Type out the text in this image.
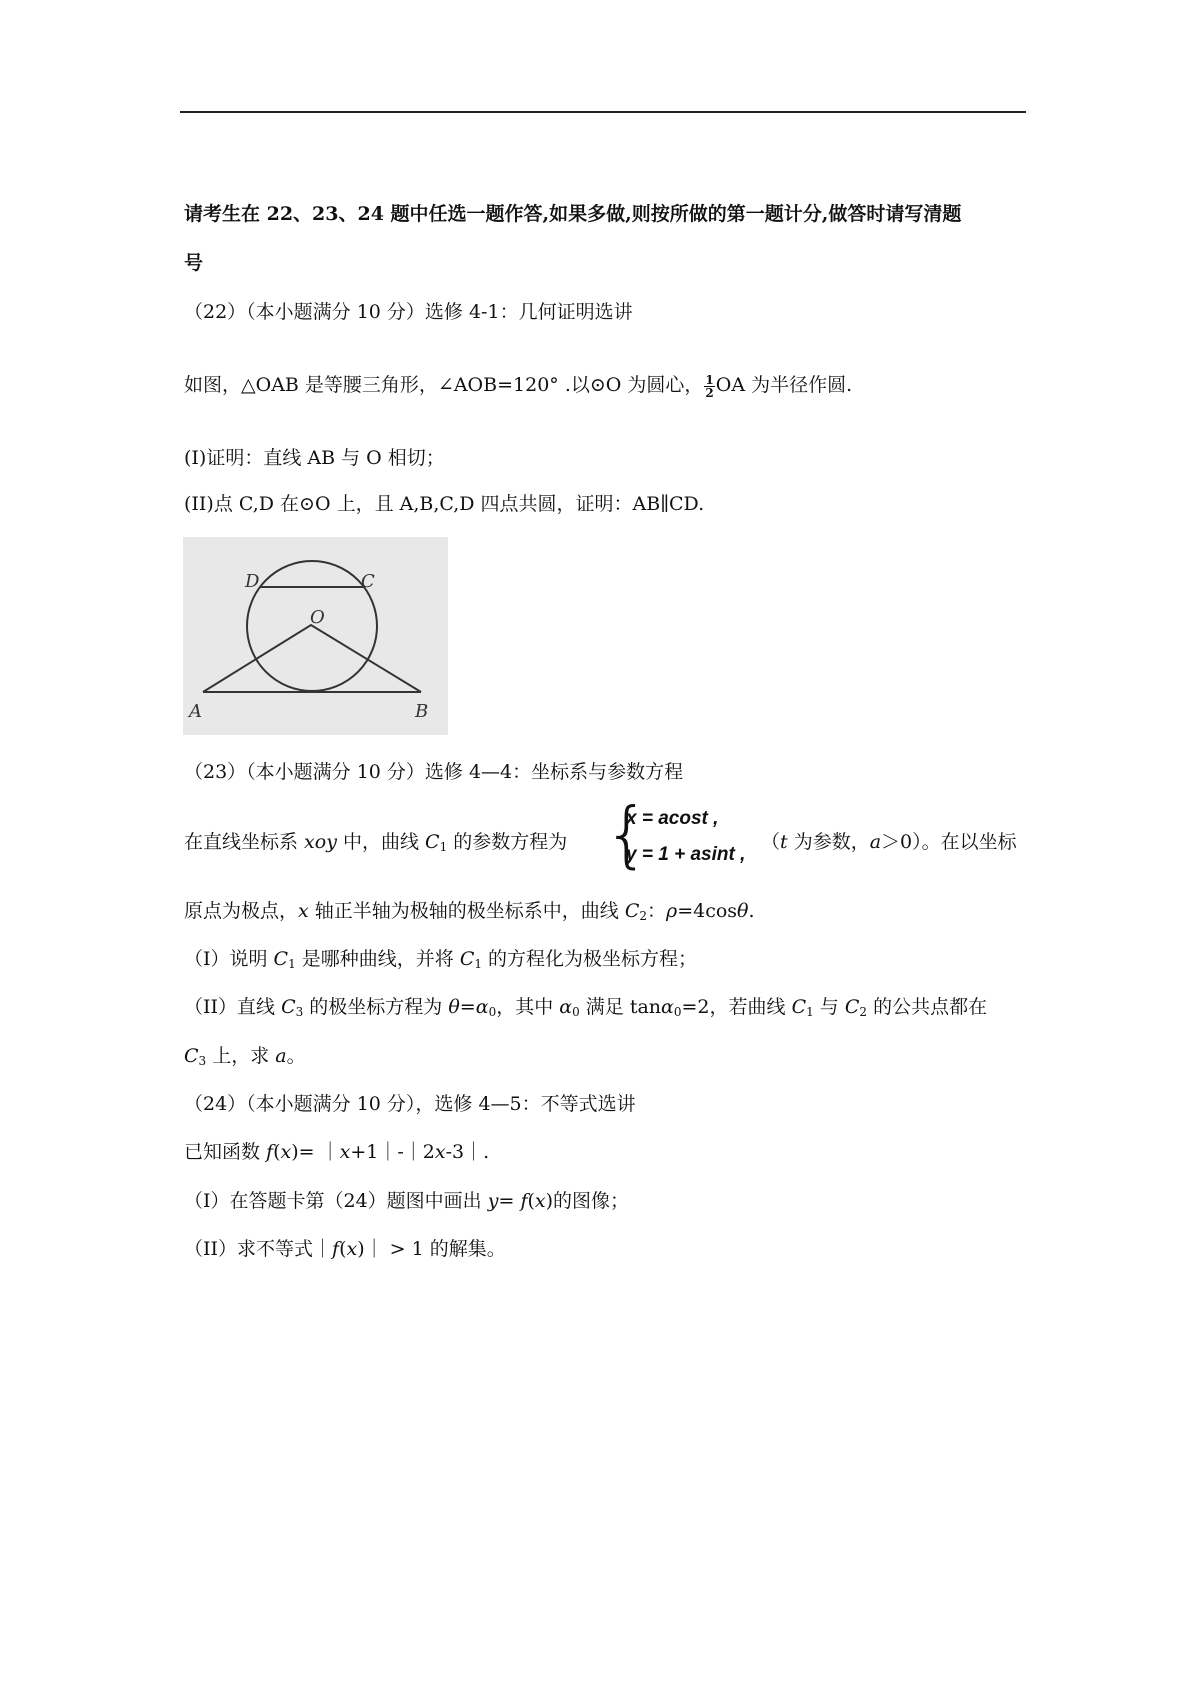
请考生在 22、23、24 题中任选一题作答,如果多做,则按所做的第一题计分,做答时请写清题
号
（22）（本小题满分 10 分）选修 4-1：几何证明选讲
如图，△OAB 是等腰三角形，∠AOB=120° .以⊙O 为圆心， $\frac{1}{2}$ OA 为半径作圆.
(I)证明：直线 AB 与 O 相切；
(II)点 C,D 在⊙O 上，且 A,B,C,D 四点共圆，证明：AB∥CD.
D	C
O
A	B
（23）（本小题满分 10 分）选修 4—4：坐标系与参数方程
在直线坐标系 xoy 中，曲线 $C_1$ 的参数方程为 {
x = acost ,
y = 1 + asint ,
（t 为参数，a＞0）。在以坐标
原点为极点，x 轴正半轴为极轴的极坐标系中，曲线 $C_2$：ρ=4cosθ.
（I）说明 $C_1$ 是哪种曲线，并将 $C_1$ 的方程化为极坐标方程；
（II）直线 $C_3$ 的极坐标方程为 $\theta=\alpha_0$，其中 $\alpha_0$ 满足 tanα$_0$=2，若曲线 $C_1$ 与 $C_2$ 的公共点都在
$C_3$ 上，求 a。
（24）（本小题满分 10 分），选修 4—5：不等式选讲
已知函数 f(x)= ｜x+1｜-｜2x-3｜.
（I）在答题卡第（24）题图中画出 y= f(x)的图像；
（II）求不等式｜f(x)｜ > 1 的解集。
